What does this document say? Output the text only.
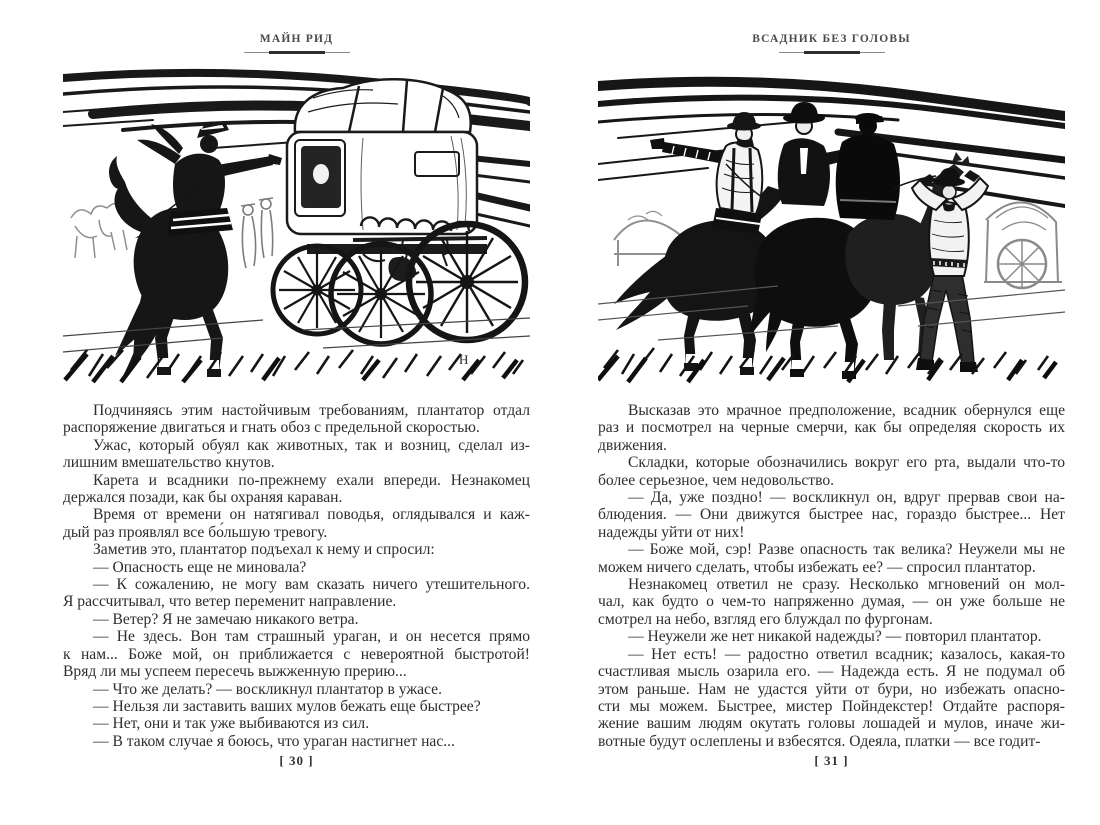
МАЙН РИД
Н
Подчиняясь этим настойчивым требованиям, плантатор отдал
распоряжение двигаться и гнать обоз с предельной скоростью.
Ужас, который обуял как животных, так и возниц, сделал из-
лишним вмешательство кнутов.
Карета и всадники по-прежнему ехали впереди. Незнакомец
держался позади, как бы охраняя караван.
Время от времени он натягивал поводья, оглядывался и каж-
дый раз проявлял все бо́льшую тревогу.
Заметив это, плантатор подъехал к нему и спросил:
— Опасность еще не миновала?
— К сожалению, не могу вам сказать ничего утешительного.
Я рассчитывал, что ветер переменит направление.
— Ветер? Я не замечаю никакого ветра.
— Не здесь. Вон там страшный ураган, и он несется прямо
к нам... Боже мой, он приближается с невероятной быстротой!
Вряд ли мы успеем пересечь выжженную прерию...
— Что же делать? — воскликнул плантатор в ужасе.
— Нельзя ли заставить ваших мулов бежать еще быстрее?
— Нет, они и так уже выбиваются из сил.
— В таком случае я боюсь, что ураган настигнет нас...
[ 30 ]
ВСАДНИК БЕЗ ГОЛОВЫ
Высказав это мрачное предположение, всадник обернулся еще
раз и посмотрел на черные смерчи, как бы определяя скорость их
движения.
Складки, которые обозначились вокруг его рта, выдали что-то
более серьезное, чем недовольство.
— Да, уже поздно! — воскликнул он, вдруг прервав свои на-
блюдения. — Они движутся быстрее нас, гораздо быстрее... Нет
надежды уйти от них!
— Боже мой, сэр! Разве опасность так велика? Неужели мы не
можем ничего сделать, чтобы избежать ее? — спросил плантатор.
Незнакомец ответил не сразу. Несколько мгновений он мол-
чал, как будто о чем-то напряженно думая, — он уже больше не
смотрел на небо, взгляд его блуждал по фургонам.
— Неужели же нет никакой надежды? — повторил плантатор.
— Нет есть! — радостно ответил всадник; казалось, какая-то
счастливая мысль озарила его. — Надежда есть. Я не подумал об
этом раньше. Нам не удастся уйти от бури, но избежать опасно-
сти мы можем. Быстрее, мистер Пойндекстер! Отдайте распоря-
жение вашим людям окутать головы лошадей и мулов, иначе жи-
вотные будут ослеплены и взбесятся. Одеяла, платки — все годит-
[ 31 ]
